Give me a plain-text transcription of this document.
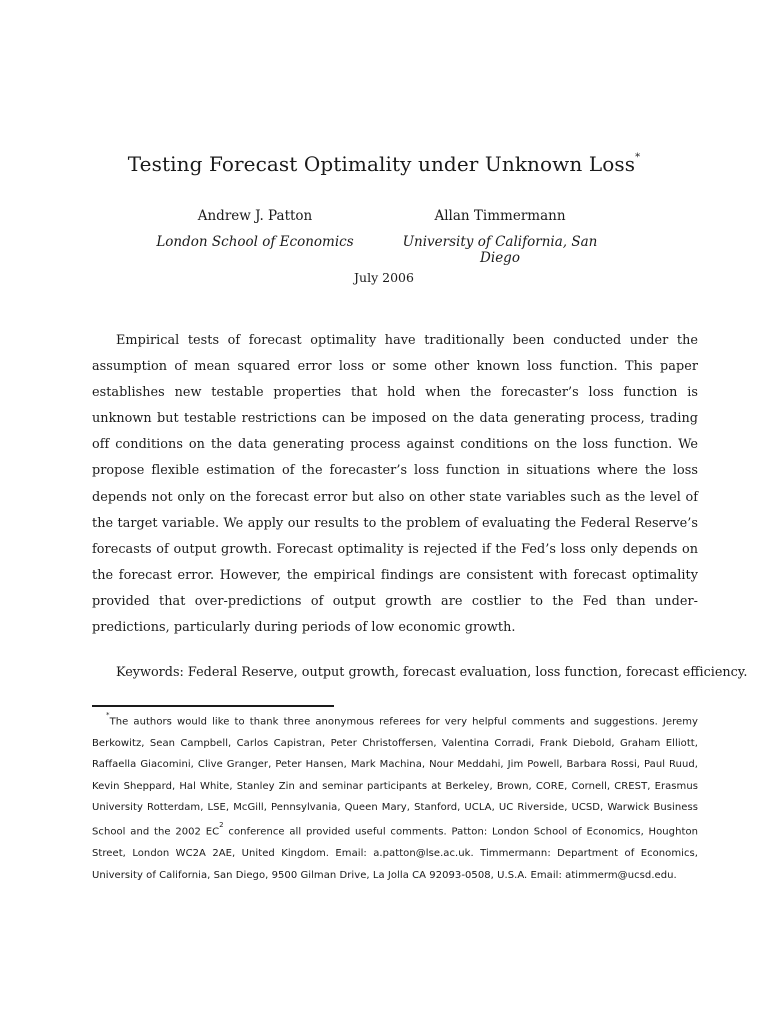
Testing Forecast Optimality under Unknown Loss*
Andrew J. Patton
London School of Economics
Allan Timmermann
University of California, San Diego
July 2006
Empirical tests of forecast optimality have traditionally been conducted under the assumption of mean squared error loss or some other known loss function. This paper establishes new testable properties that hold when the forecaster’s loss function is unknown but testable restrictions can be imposed on the data generating process, trading off conditions on the data generating process against conditions on the loss function. We propose flexible estimation of the forecaster’s loss function in situations where the loss depends not only on the forecast error but also on other state variables such as the level of the target variable. We apply our results to the problem of evaluating the Federal Reserve’s forecasts of output growth. Forecast optimality is rejected if the Fed’s loss only depends on the forecast error. However, the empirical findings are consistent with forecast optimality provided that over-predictions of output growth are costlier to the Fed than under-predictions, particularly during periods of low economic growth.
Keywords: Federal Reserve, output growth, forecast evaluation, loss function, forecast efficiency.
*The authors would like to thank three anonymous referees for very helpful comments and suggestions. Jeremy Berkowitz, Sean Campbell, Carlos Capistran, Peter Christoffersen, Valentina Corradi, Frank Diebold, Graham Elliott, Raffaella Giacomini, Clive Granger, Peter Hansen, Mark Machina, Nour Meddahi, Jim Powell, Barbara Rossi, Paul Ruud, Kevin Sheppard, Hal White, Stanley Zin and seminar participants at Berkeley, Brown, CORE, Cornell, CREST, Erasmus University Rotterdam, LSE, McGill, Pennsylvania, Queen Mary, Stanford, UCLA, UC Riverside, UCSD, Warwick Business School and the 2002 EC$^2$ conference all provided useful comments. Patton: London School of Economics, Houghton Street, London WC2A 2AE, United Kingdom. Email: a.patton@lse.ac.uk. Timmermann: Department of Economics, University of California, San Diego, 9500 Gilman Drive, La Jolla CA 92093-0508, U.S.A. Email: atimmerm@ucsd.edu.
